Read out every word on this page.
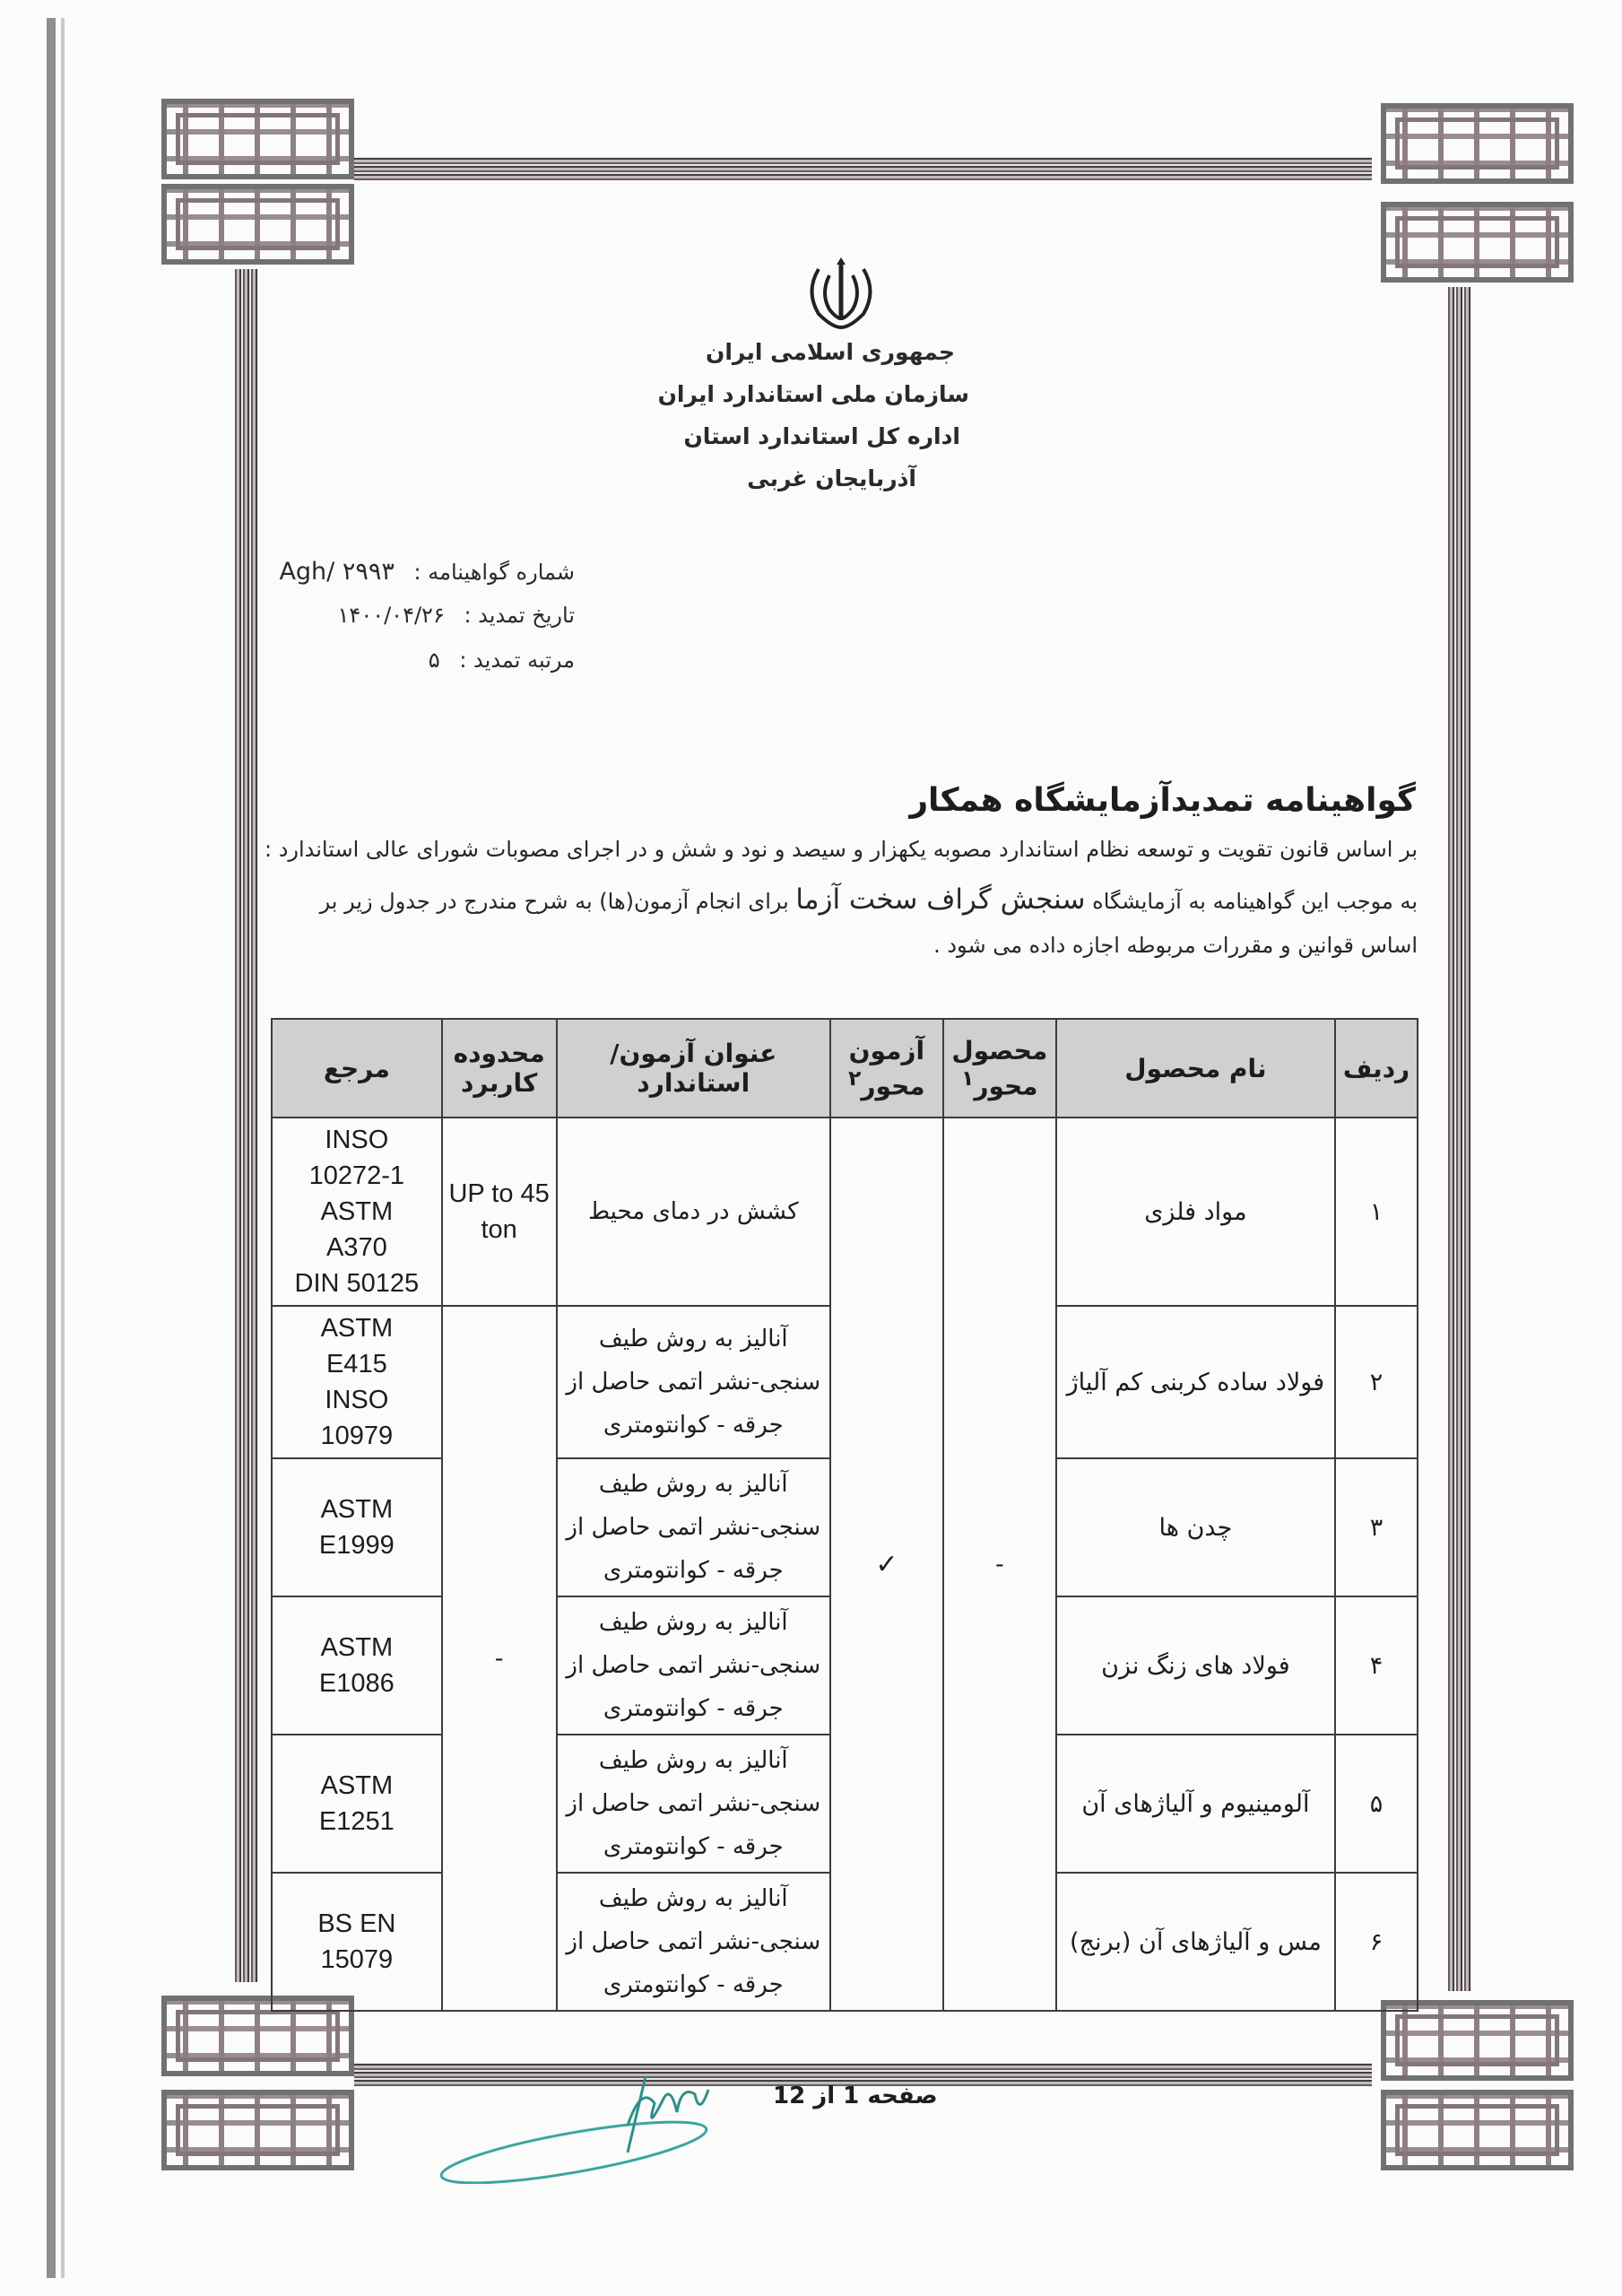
جمهوری اسلامی ایران
سازمان ملی استاندارد ایران
اداره کل استاندارد استان
آذربایجان غربی
شماره گواهینامه : Agh/ ۲۹۹۳
تاریخ تمدید : ۱۴۰۰/۰۴/۲۶
مرتبه تمدید : ۵
گواهینامه تمدیدآزمایشگاه همکار
بر اساس قانون تقویت و توسعه نظام استاندارد مصوبه یکهزار و سیصد و نود و شش و در اجرای مصوبات شورای عالی استاندارد :
به موجب این گواهینامه به آزمایشگاه سنجش گراف سخت آزما برای انجام آزمون(ها) به شرح مندرج در جدول زیر بر
اساس قوانین و مقررات مربوطه اجازه داده می شود .
ردیف	نام محصول	محصول محور$^۱$	آزمون محور$^۲$	عنوان آزمون/استاندارد	محدوده کاربرد	مرجع
۱	مواد فلزی	-	✓	کشش در دمای محیط	UP to 45 ton	INSO
10272-1
ASTM
A370
DIN 50125

۲	فولاد ساده کربنی کم آلیاژ			آنالیز به روش طیف سنجی-نشر اتمی حاصل از جرقه - کوانتومتری	-	ASTM
E415
INSO
10979

۳	چدن ها			آنالیز به روش طیف سنجی-نشر اتمی حاصل از جرقه - کوانتومتری		ASTM
E1999

۴	فولاد های زنگ نزن			آنالیز به روش طیف سنجی-نشر اتمی حاصل از جرقه - کوانتومتری		ASTM
E1086

۵	آلومینیوم و آلیاژهای آن			آنالیز به روش طیف سنجی-نشر اتمی حاصل از جرقه - کوانتومتری		ASTM
E1251

۶	مس و آلیاژهای آن (برنج)			آنالیز به روش طیف سنجی-نشر اتمی حاصل از جرقه - کوانتومتری		BS EN
15079
صفحه 1 از 12
